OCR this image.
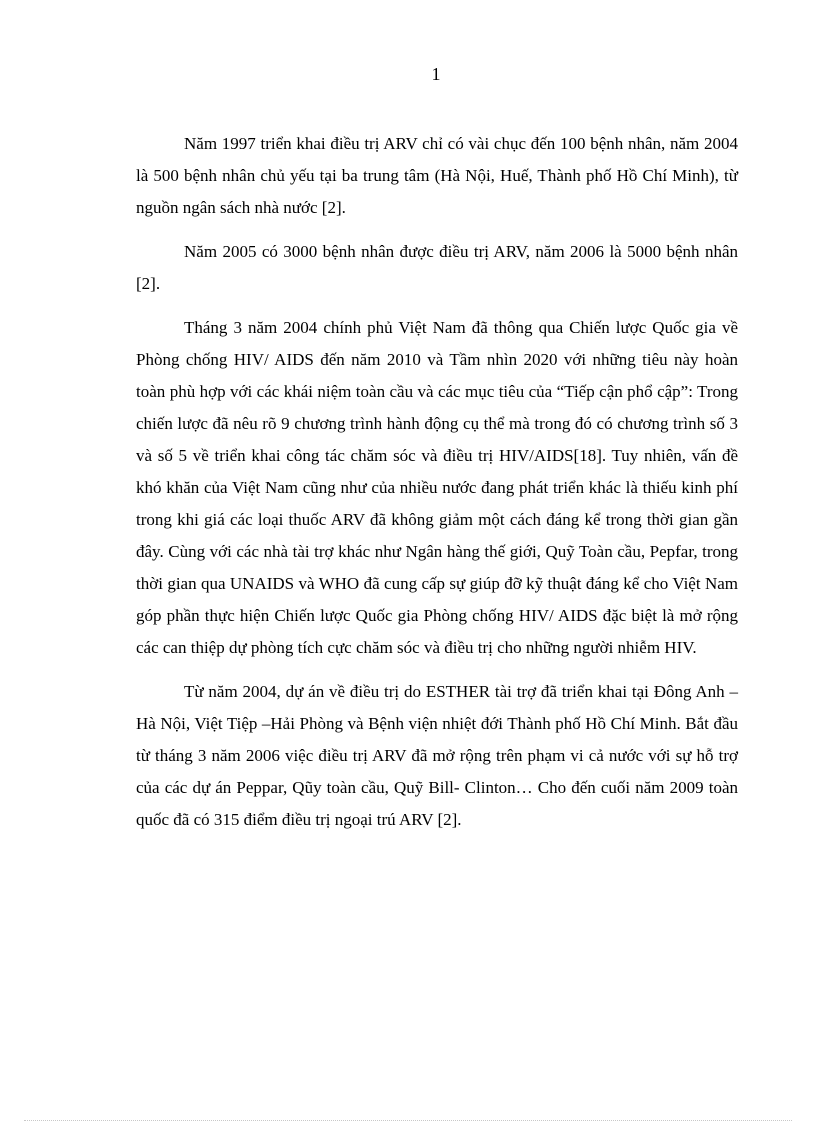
1

Năm 1997 triển khai điều trị ARV chỉ có vài chục đến 100 bệnh nhân, năm 2004 là 500 bệnh nhân chủ yếu tại ba trung tâm (Hà Nội, Huế, Thành phố Hồ Chí Minh), từ nguồn ngân sách nhà nước [2].

Năm 2005 có 3000 bệnh nhân được điều trị ARV, năm 2006 là 5000 bệnh nhân [2].

Tháng 3 năm 2004 chính phủ Việt Nam đã thông qua Chiến lược Quốc gia về Phòng chống HIV/ AIDS đến năm 2010 và Tầm nhìn 2020 với những tiêu này hoàn toàn phù hợp với các khái niệm toàn cầu và các mục tiêu của “Tiếp cận phổ cập”: Trong chiến lược đã nêu rõ 9 chương trình hành động cụ thể mà trong đó có chương trình số 3 và số 5 về triển khai công tác chăm sóc và điều trị HIV/AIDS[18]. Tuy nhiên, vấn đề khó khăn của Việt Nam cũng như của nhiều nước đang phát triển khác là thiếu kinh phí trong khi giá các loại thuốc ARV đã không giảm một cách đáng kể trong thời gian gần đây. Cùng với các nhà tài trợ khác như Ngân hàng thế giới, Quỹ Toàn cầu, Pepfar, trong thời gian qua UNAIDS và WHO đã cung cấp sự giúp đỡ kỹ thuật đáng kể cho Việt Nam góp phần thực hiện Chiến lược Quốc gia Phòng chống HIV/ AIDS đặc biệt là mở rộng các can thiệp dự phòng tích cực chăm sóc và điều trị cho những người nhiễm HIV.

Từ năm 2004, dự án về điều trị do ESTHER tài trợ đã triển khai tại Đông Anh – Hà Nội, Việt Tiệp –Hải Phòng và Bệnh viện nhiệt đới Thành phố Hồ Chí Minh. Bắt đầu từ tháng 3 năm 2006 việc điều trị ARV đã mở rộng trên phạm vi cả nước với sự hỗ trợ của các dự án Peppar, Qũy toàn cầu, Quỹ Bill- Clinton… Cho đến cuối năm 2009 toàn quốc đã có 315 điểm điều trị ngoại trú ARV [2].
